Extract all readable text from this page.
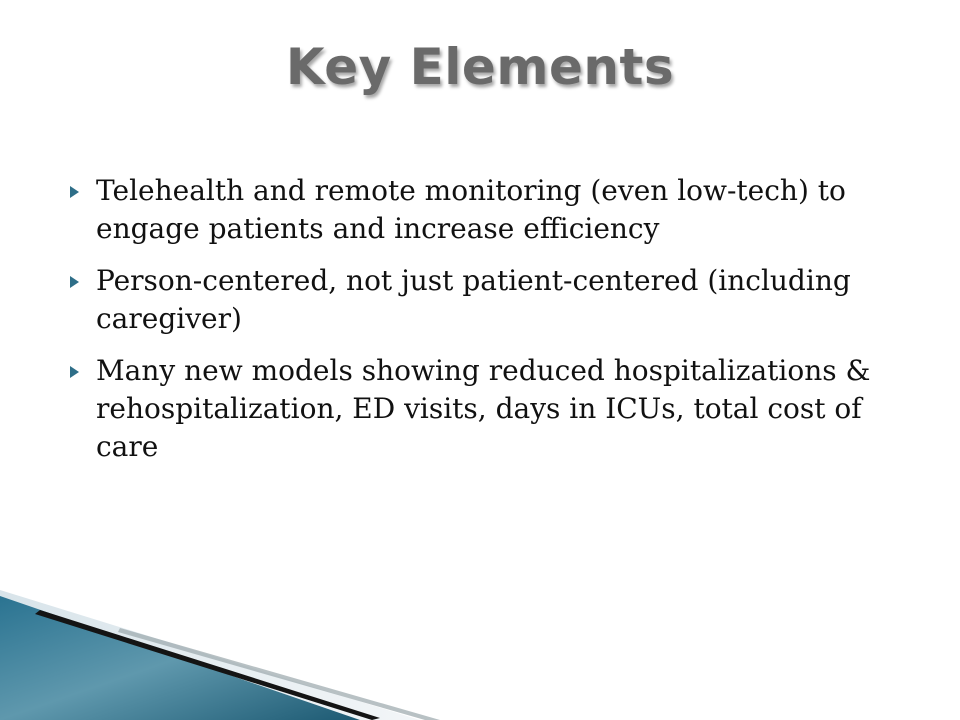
Key Elements
Telehealth and remote monitoring (even low-tech) to engage patients and increase efficiency
Person-centered, not just patient-centered (including caregiver)
Many new models showing reduced hospitalizations & rehospitalization, ED visits, days in ICUs, total cost of care
